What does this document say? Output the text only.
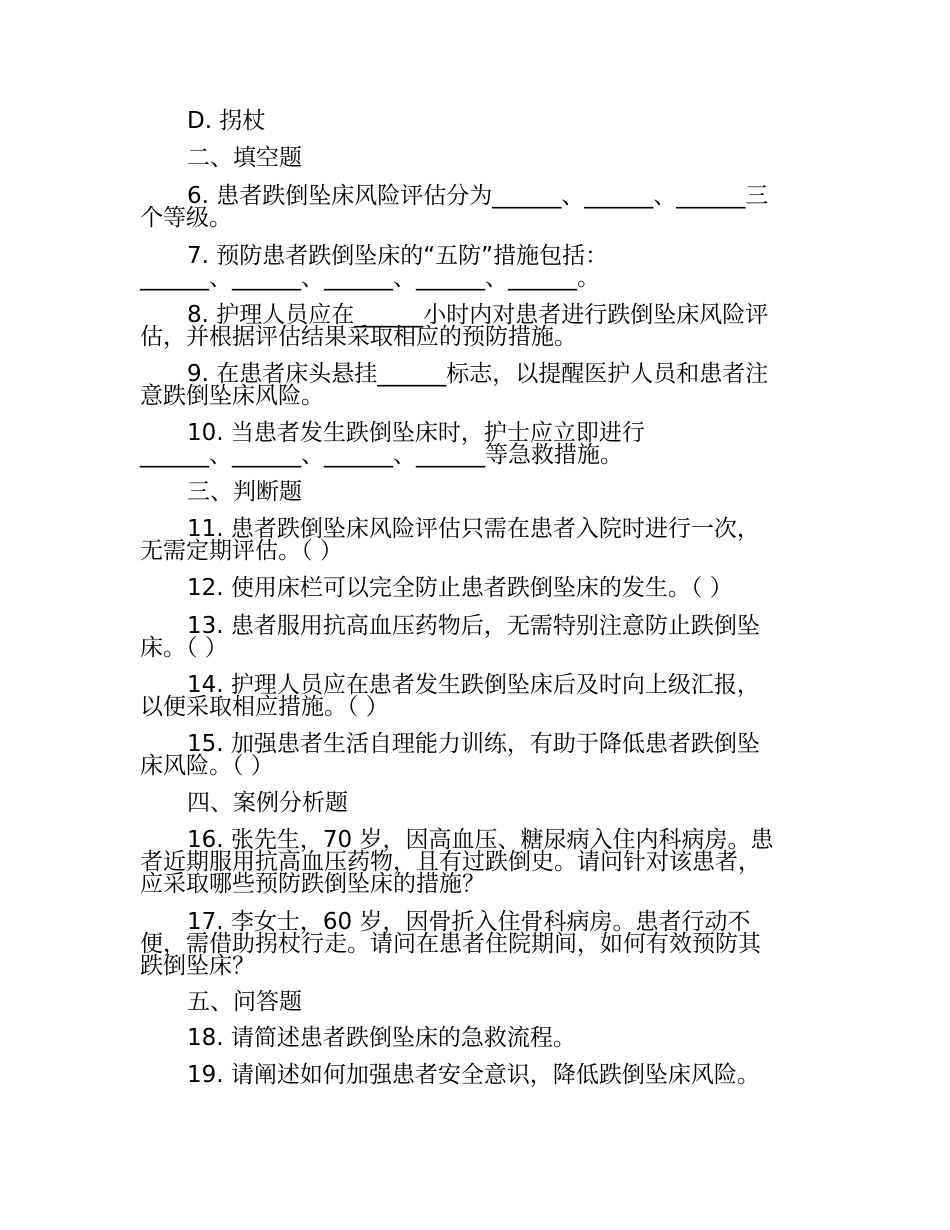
D. 拐杖
二、填空题
6. 患者跌倒坠床风险评估分为______、______、______三
个等级。
7. 预防患者跌倒坠床的“五防”措施包括：
______、______、______、______、______。
8. 护理人员应在______小时内对患者进行跌倒坠床风险评
估，并根据评估结果采取相应的预防措施。
9. 在患者床头悬挂______标志，以提醒医护人员和患者注
意跌倒坠床风险。
10. 当患者发生跌倒坠床时，护士应立即进行
______、______、______、______等急救措施。
三、判断题
11. 患者跌倒坠床风险评估只需在患者入院时进行一次，
无需定期评估。（ ）
12. 使用床栏可以完全防止患者跌倒坠床的发生。（ ）
13. 患者服用抗高血压药物后，无需特别注意防止跌倒坠
床。（ ）
14. 护理人员应在患者发生跌倒坠床后及时向上级汇报，
以便采取相应措施。（ ）
15. 加强患者生活自理能力训练，有助于降低患者跌倒坠
床风险。（ ）
四、案例分析题
16. 张先生，70 岁，因高血压、糖尿病入住内科病房。患
者近期服用抗高血压药物，且有过跌倒史。请问针对该患者，
应采取哪些预防跌倒坠床的措施？
17. 李女士，60 岁，因骨折入住骨科病房。患者行动不
便，需借助拐杖行走。请问在患者住院期间，如何有效预防其
跌倒坠床？
五、问答题
18. 请简述患者跌倒坠床的急救流程。
19. 请阐述如何加强患者安全意识，降低跌倒坠床风险。
